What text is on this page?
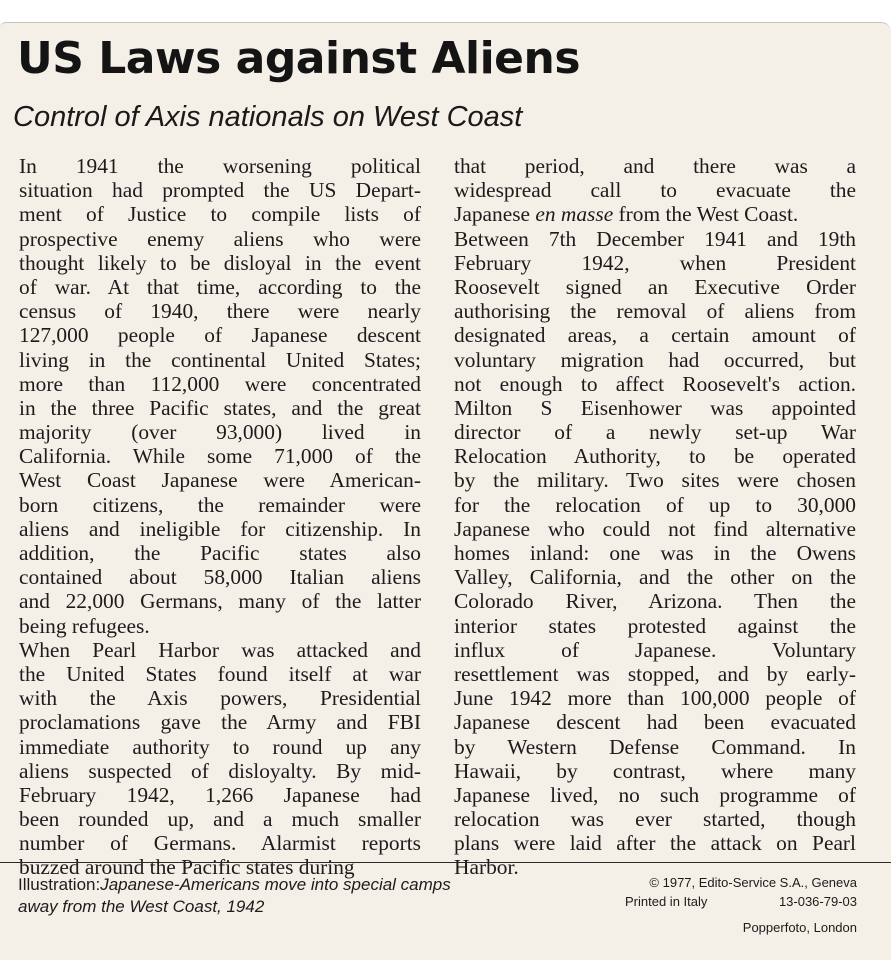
US Laws against Aliens
Control of Axis nationals on West Coast
In 1941 the worsening political
situation had prompted the US Depart-
ment of Justice to compile lists of
prospective enemy aliens who were
thought likely to be disloyal in the event
of war. At that time, according to the
census of 1940, there were nearly
127,000 people of Japanese descent
living in the continental United States;
more than 112,000 were concentrated
in the three Pacific states, and the great
majority (over 93,000) lived in
California. While some 71,000 of the
West Coast Japanese were American-
born citizens, the remainder were
aliens and ineligible for citizenship. In
addition, the Pacific states also
contained about 58,000 Italian aliens
and 22,000 Germans, many of the latter
being refugees.
When Pearl Harbor was attacked and
the United States found itself at war
with the Axis powers, Presidential
proclamations gave the Army and FBI
immediate authority to round up any
aliens suspected of disloyalty. By mid-
February 1942, 1,266 Japanese had
been rounded up, and a much smaller
number of Germans. Alarmist reports
buzzed around the Pacific states during
that period, and there was a
widespread call to evacuate the
Japanese en masse from the West Coast.
Between 7th December 1941 and 19th
February 1942, when President
Roosevelt signed an Executive Order
authorising the removal of aliens from
designated areas, a certain amount of
voluntary migration had occurred, but
not enough to affect Roosevelt's action.
Milton S Eisenhower was appointed
director of a newly set-up War
Relocation Authority, to be operated
by the military. Two sites were chosen
for the relocation of up to 30,000
Japanese who could not find alternative
homes inland: one was in the Owens
Valley, California, and the other on the
Colorado River, Arizona. Then the
interior states protested against the
influx of Japanese. Voluntary
resettlement was stopped, and by early-
June 1942 more than 100,000 people of
Japanese descent had been evacuated
by Western Defense Command. In
Hawaii, by contrast, where many
Japanese lived, no such programme of
relocation was ever started, though
plans were laid after the attack on Pearl
Harbor.
Illustration:Japanese-Americans move into special camps away from the West Coast, 1942
© 1977, Edito-Service S.A., Geneva
Printed in Italy	13-036-79-03
Popperfoto, London
